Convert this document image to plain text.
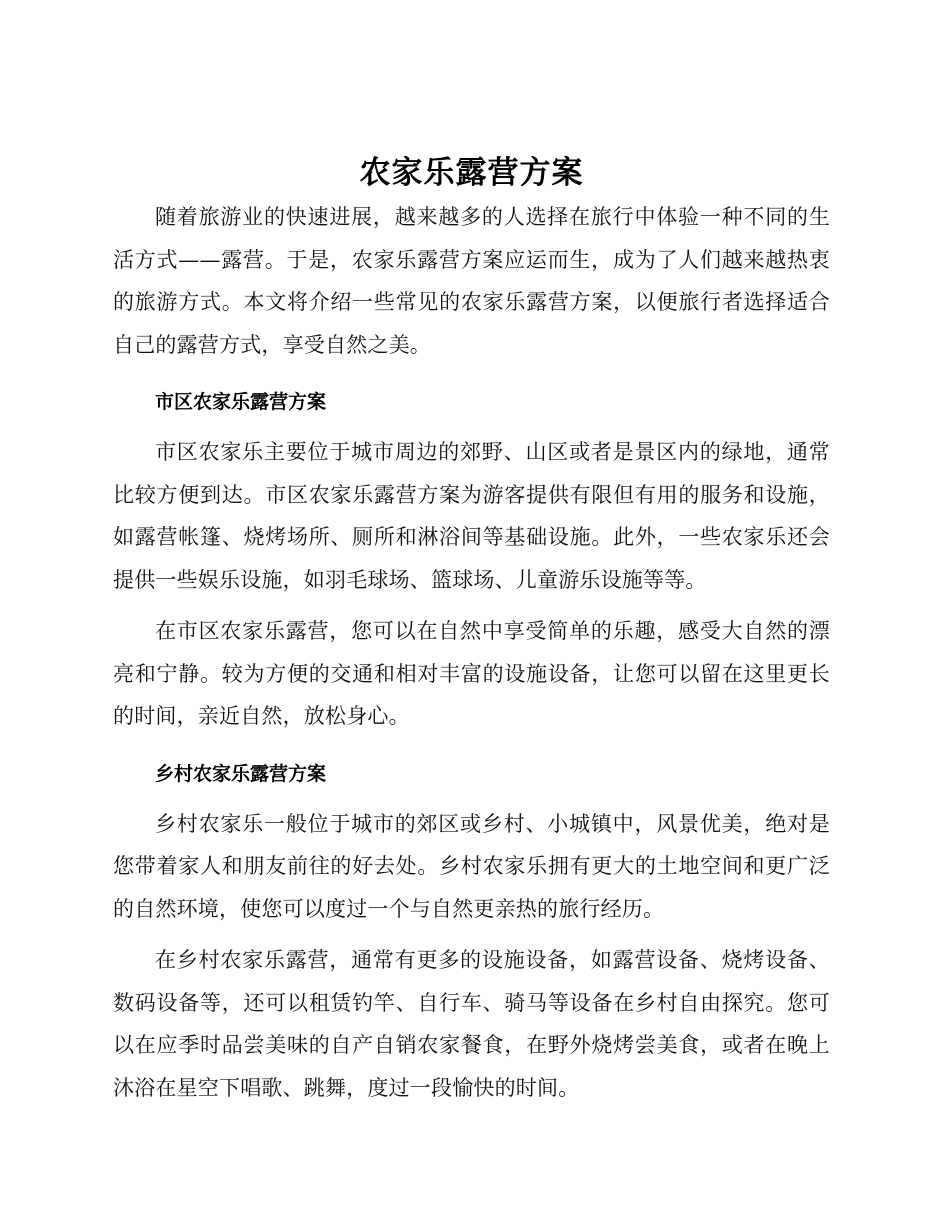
农家乐露营方案

随着旅游业的快速进展，越来越多的人选择在旅行中体验一种不同的生活方式——露营。于是，农家乐露营方案应运而生，成为了人们越来越热衷的旅游方式。本文将介绍一些常见的农家乐露营方案，以便旅行者选择适合自己的露营方式，享受自然之美。

市区农家乐露营方案

市区农家乐主要位于城市周边的郊野、山区或者是景区内的绿地，通常比较方便到达。市区农家乐露营方案为游客提供有限但有用的服务和设施，如露营帐篷、烧烤场所、厕所和淋浴间等基础设施。此外，一些农家乐还会提供一些娱乐设施，如羽毛球场、篮球场、儿童游乐设施等等。

在市区农家乐露营，您可以在自然中享受简单的乐趣，感受大自然的漂亮和宁静。较为方便的交通和相对丰富的设施设备，让您可以留在这里更长的时间，亲近自然，放松身心。

乡村农家乐露营方案

乡村农家乐一般位于城市的郊区或乡村、小城镇中，风景优美，绝对是您带着家人和朋友前往的好去处。乡村农家乐拥有更大的土地空间和更广泛的自然环境，使您可以度过一个与自然更亲热的旅行经历。

在乡村农家乐露营，通常有更多的设施设备，如露营设备、烧烤设备、数码设备等，还可以租赁钓竿、自行车、骑马等设备在乡村自由探究。您可以在应季时品尝美味的自产自销农家餐食，在野外烧烤尝美食，或者在晚上沐浴在星空下唱歌、跳舞，度过一段愉快的时间。
